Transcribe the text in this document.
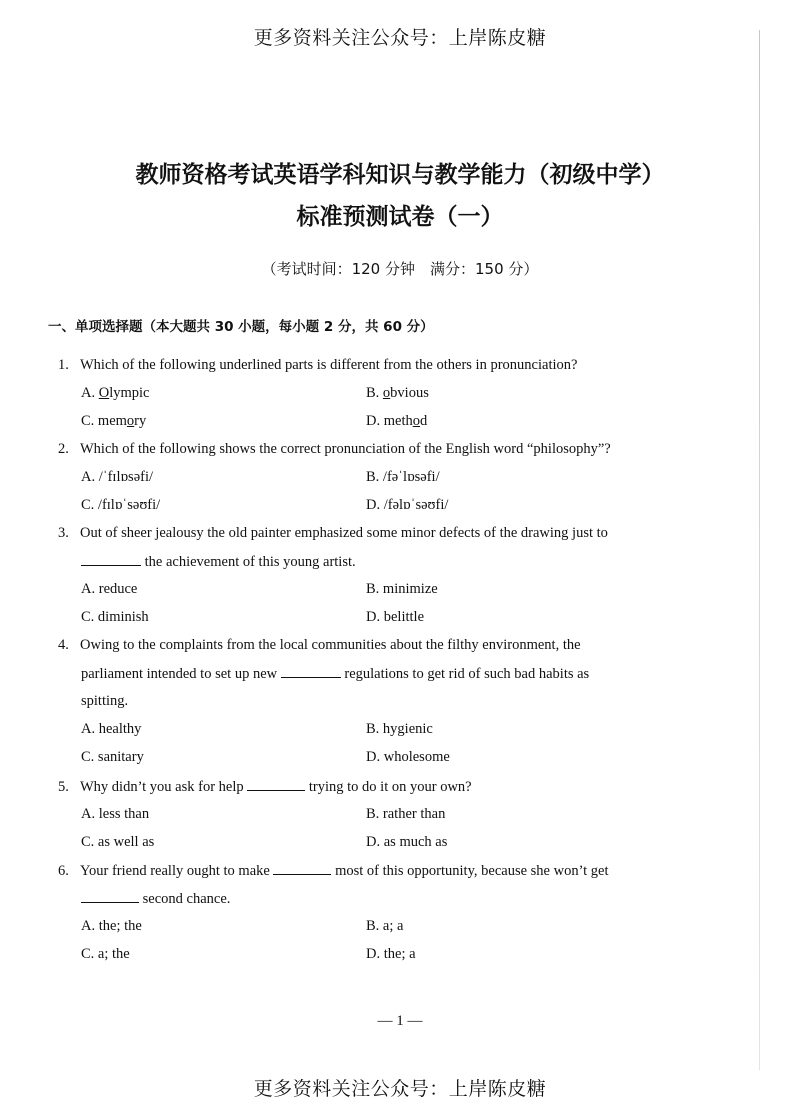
更多资料关注公众号：上岸陈皮糖
教师资格考试英语学科知识与教学能力（初级中学）
标准预测试卷（一）
（考试时间：120 分钟　满分：150 分）
一、单项选择题（本大题共 30 小题，每小题 2 分，共 60 分）
1. Which of the following underlined parts is different from the others in pronunciation?
A. Olympic	B. obvious
C. memory	D. method
2. Which of the following shows the correct pronunciation of the English word “philosophy”?
A. /ˈfɪlɒsəfi/	B. /fəˈlɒsəfi/
C. /fɪlɒˈsəʊfi/	D. /fəlɒˈsəʊfi/
3. Out of sheer jealousy the old painter emphasized some minor defects of the drawing just to
the achievement of this young artist.
A. reduce	B. minimize
C. diminish	D. belittle
4. Owing to the complaints from the local communities about the filthy environment, the
parliament intended to set up new	regulations to get rid of such bad habits as
spitting.
A. healthy	B. hygienic
C. sanitary	D. wholesome
5. Why didn’t you ask for help	trying to do it on your own?
A. less than	B. rather than
C. as well as	D. as much as
6. Your friend really ought to make	most of this opportunity, because she won’t get
second chance.
A. the; the	B. a; a
C. a; the	D. the; a
— 1 —
更多资料关注公众号：上岸陈皮糖
